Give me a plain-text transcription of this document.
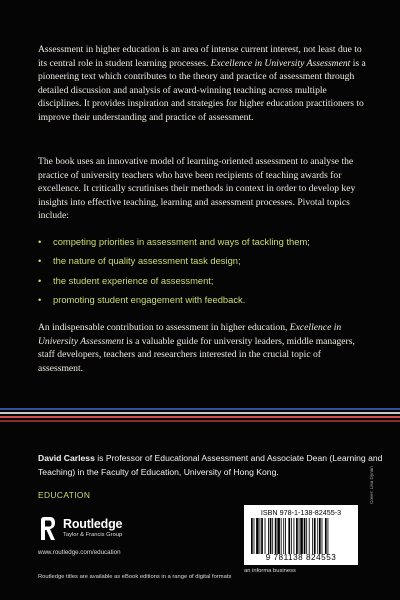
Assessment in higher education is an area of intense current interest, not least due to its central role in student learning processes. Excellence in University Assessment is a pioneering text which contributes to the theory and practice of assessment through detailed discussion and analysis of award-winning teaching across multiple disciplines. It provides inspiration and strategies for higher education practitioners to improve their understanding and practice of assessment.

The book uses an innovative model of learning-oriented assessment to analyse the practice of university teachers who have been recipients of teaching awards for excellence. It critically scrutinises their methods in context in order to develop key insights into effective teaching, learning and assessment processes. Pivotal topics include:

• competing priorities in assessment and ways of tackling them;
• the nature of quality assessment task design;
• the student experience of assessment;
• promoting student engagement with feedback.

An indispensable contribution to assessment in higher education, Excellence in University Assessment is a valuable guide for university leaders, middle managers, staff developers, teachers and researchers interested in the crucial topic of assessment.

David Carless is Professor of Educational Assessment and Associate Dean (Learning and Teaching) in the Faculty of Education, University of Hong Kong.
EDUCATION
Routledge
Taylor & Francis Group
www.routledge.com/education
Routledge titles are available as eBook editions in a range of digital formats
ISBN 978-1-138-82455-3
9 781138 824553
an informa business
Cover: Lisa Dynan
